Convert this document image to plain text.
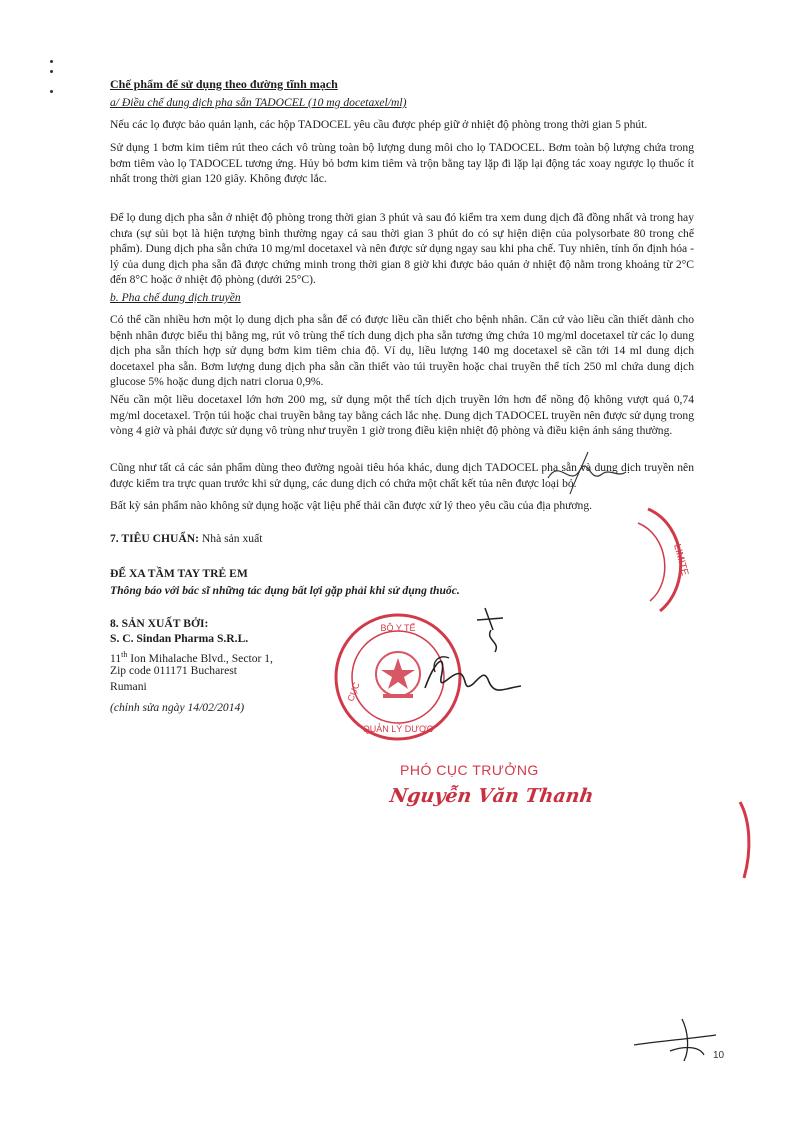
Chế phẩm để sử dụng theo đường tĩnh mạch
a/ Điều chế dung dịch pha sẵn TADOCEL (10 mg docetaxel/ml)

Nếu các lọ được bảo quản lạnh, các hộp TADOCEL yêu cầu được phép giữ ở nhiệt độ phòng trong thời gian 5 phút.

Sử dụng 1 bơm kim tiêm rút theo cách vô trùng toàn bộ lượng dung môi cho lọ TADOCEL. Bơm toàn bộ lượng chứa trong bơm tiêm vào lọ TADOCEL tương ứng. Hủy bỏ bơm kim tiêm và trộn bằng tay lặp đi lặp lại động tác xoay ngược lọ thuốc ít nhất trong thời gian 120 giây. Không được lắc.

Để lọ dung dịch pha sẵn ở nhiệt độ phòng trong thời gian 3 phút và sau đó kiểm tra xem dung dịch đã đồng nhất và trong hay chưa (sự sủi bọt là hiện tượng bình thường ngay cả sau thời gian 3 phút do có sự hiện diện của polysorbate 80 trong chế phẩm). Dung dịch pha sẵn chứa 10 mg/ml docetaxel và nên được sử dụng ngay sau khi pha chế. Tuy nhiên, tính ổn định hóa - lý của dung dịch pha sẵn đã được chứng minh trong thời gian 8 giờ khi được bảo quản ở nhiệt độ nằm trong khoảng từ 2°C đến 8°C hoặc ở nhiệt độ phòng (dưới 25°C).

b. Pha chế dung dịch truyền

Có thể cần nhiều hơn một lọ dung dịch pha sẵn để có được liều cần thiết cho bệnh nhân. Căn cứ vào liều cần thiết dành cho bệnh nhân được biểu thị bằng mg, rút vô trùng thể tích dung dịch pha sẵn tương ứng chứa 10 mg/ml docetaxel từ các lọ dung dịch pha sẵn thích hợp sử dụng bơm kim tiêm chia độ. Ví dụ, liều lượng 140 mg docetaxel sẽ cần tới 14 ml dung dịch docetaxel pha sẵn. Bơm lượng dung dịch pha sẵn cần thiết vào túi truyền hoặc chai truyền thể tích 250 ml chứa dung dịch glucose 5% hoặc dung dịch natri clorua 0,9%.

Nếu cần một liều docetaxel lớn hơn 200 mg, sử dụng một thể tích dịch truyền lớn hơn để nồng độ không vượt quá 0,74 mg/ml docetaxel. Trộn túi hoặc chai truyền bằng tay bằng cách lắc nhẹ. Dung dịch TADOCEL truyền nên được sử dụng trong vòng 4 giờ và phải được sử dụng vô trùng như truyền 1 giờ trong điều kiện nhiệt độ phòng và điều kiện ánh sáng thường.

Cũng như tất cả các sản phẩm dùng theo đường ngoài tiêu hóa khác, dung dịch TADOCEL pha sẵn và dung dịch truyền nên được kiểm tra trực quan trước khi sử dụng, các dung dịch có chứa một chất kết tủa nên được loại bỏ.

Bất kỳ sản phẩm nào không sử dụng hoặc vật liệu phế thải cần được xử lý theo yêu cầu của địa phương.

7. TIÊU CHUẨN: Nhà sản xuất
ĐỂ XA TẦM TAY TRẺ EM
Thông báo với bác sĩ những tác dụng bất lợi gặp phải khi sử dụng thuốc.
8. SẢN XUẤT BỞI:
S. C. Sindan Pharma S.R.L.
11th Ion Mihalache Blvd., Sector 1,
Zip code 011171 Bucharest
Rumani
(chỉnh sửa ngày 14/02/2014)
BỘ Y TẾ
CỤC
QUẢN LÝ DƯỢC
LIMITE
PHÓ CỤC TRƯỞNG
Nguyễn Văn Thanh
10
